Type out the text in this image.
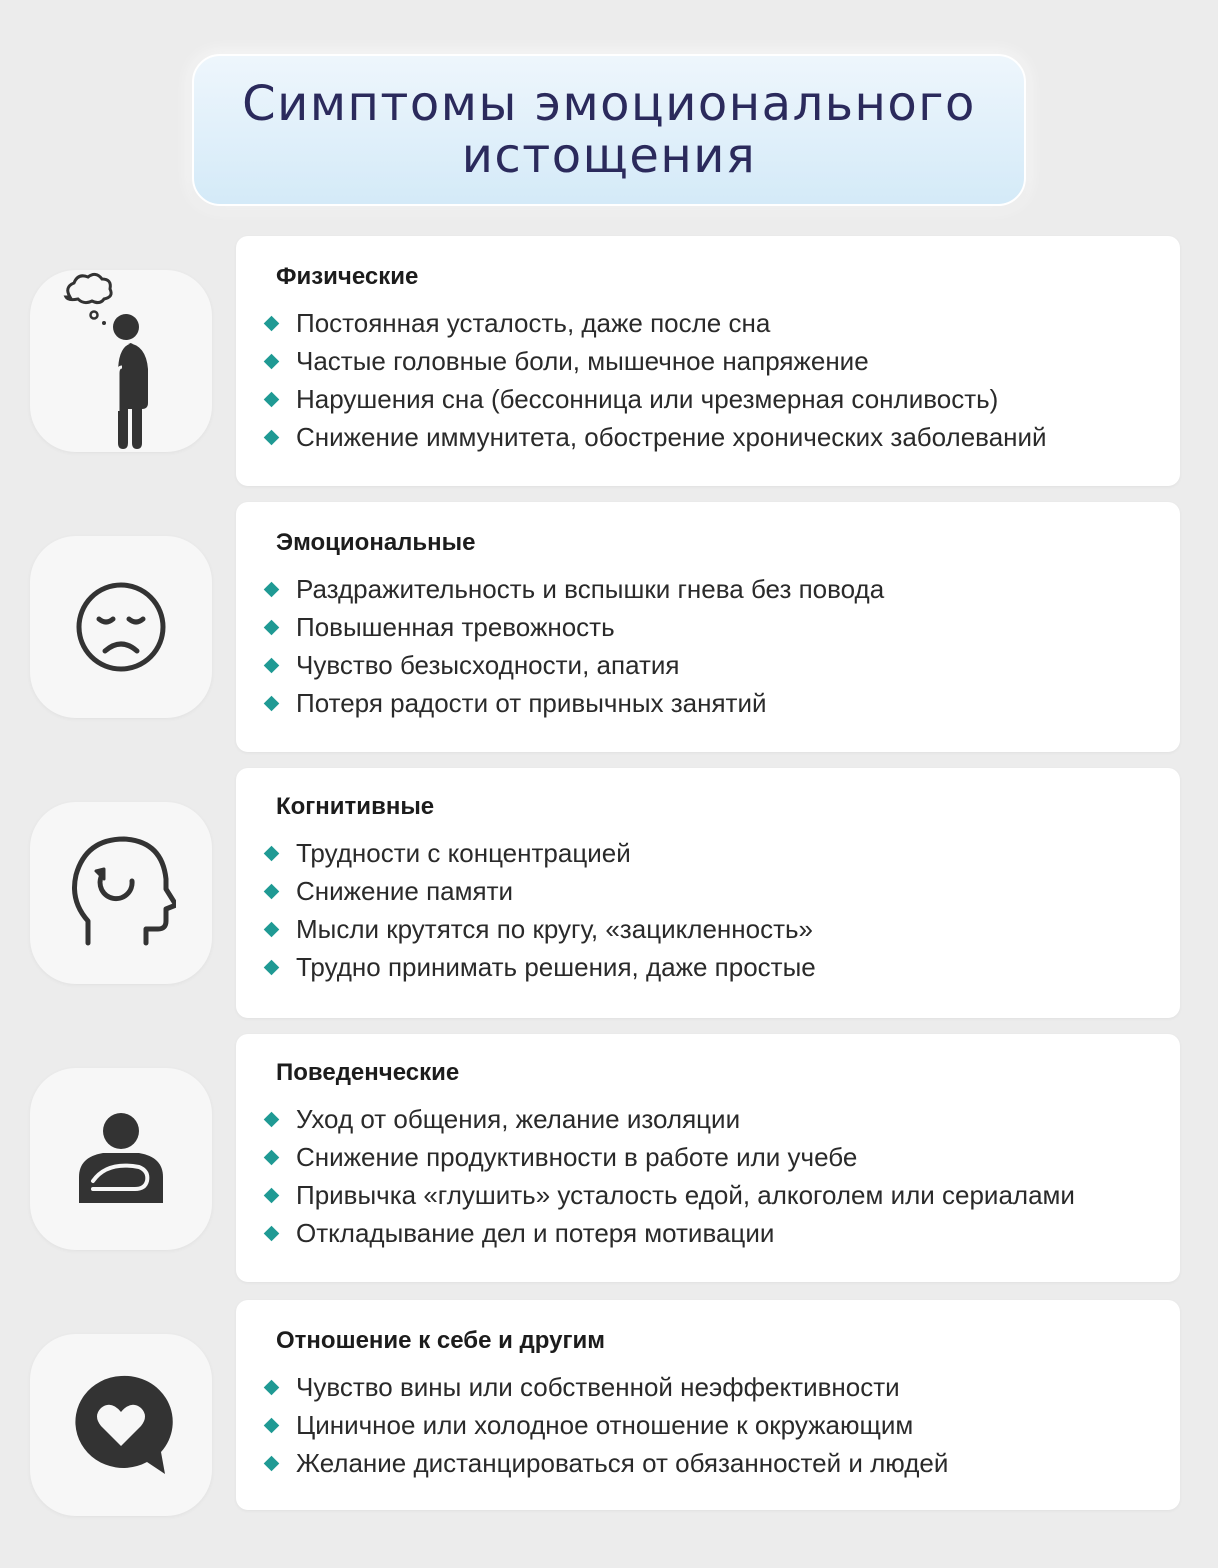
Симптомы эмоционального
истощения
Физические
Постоянная усталость, даже после сна
Частые головные боли, мышечное напряжение
Нарушения сна (бессонница или чрезмерная сонливость)
Снижение иммунитета, обострение хронических заболеваний
Эмоциональные
Раздражительность и вспышки гнева без повода
Повышенная тревожность
Чувство безысходности, апатия
Потеря радости от привычных занятий
Когнитивные
Трудности с концентрацией
Снижение памяти
Мысли крутятся по кругу, «зацикленность»
Трудно принимать решения, даже простые
Поведенческие
Уход от общения, желание изоляции
Снижение продуктивности в работе или учебе
Привычка «глушить» усталость едой, алкоголем или сериалами
Откладывание дел и потеря мотивации
Отношение к себе и другим
Чувство вины или собственной неэффективности
Циничное или холодное отношение к окружающим
Желание дистанцироваться от обязанностей и людей
